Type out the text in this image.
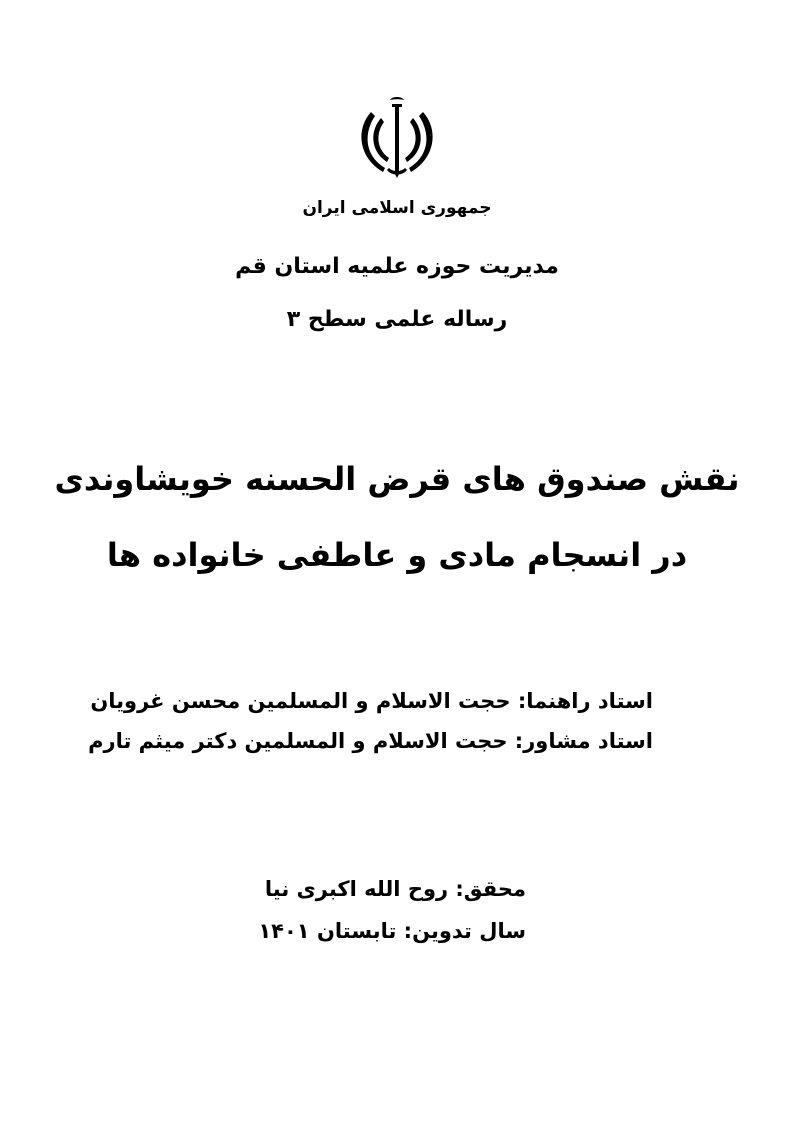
جمهوری اسلامی ایران
مدیریت حوزه علمیه استان قم
رساله علمی سطح ۳
نقش صندوق های قرض الحسنه خویشاوندی
در انسجام مادی و عاطفی خانواده ها
استاد راهنما: حجت الاسلام و المسلمین محسن غرویان
استاد مشاور: حجت الاسلام و المسلمین دکتر میثم تارم
محقق: روح الله اکبری نیا
سال تدوین: تابستان ۱۴۰۱
